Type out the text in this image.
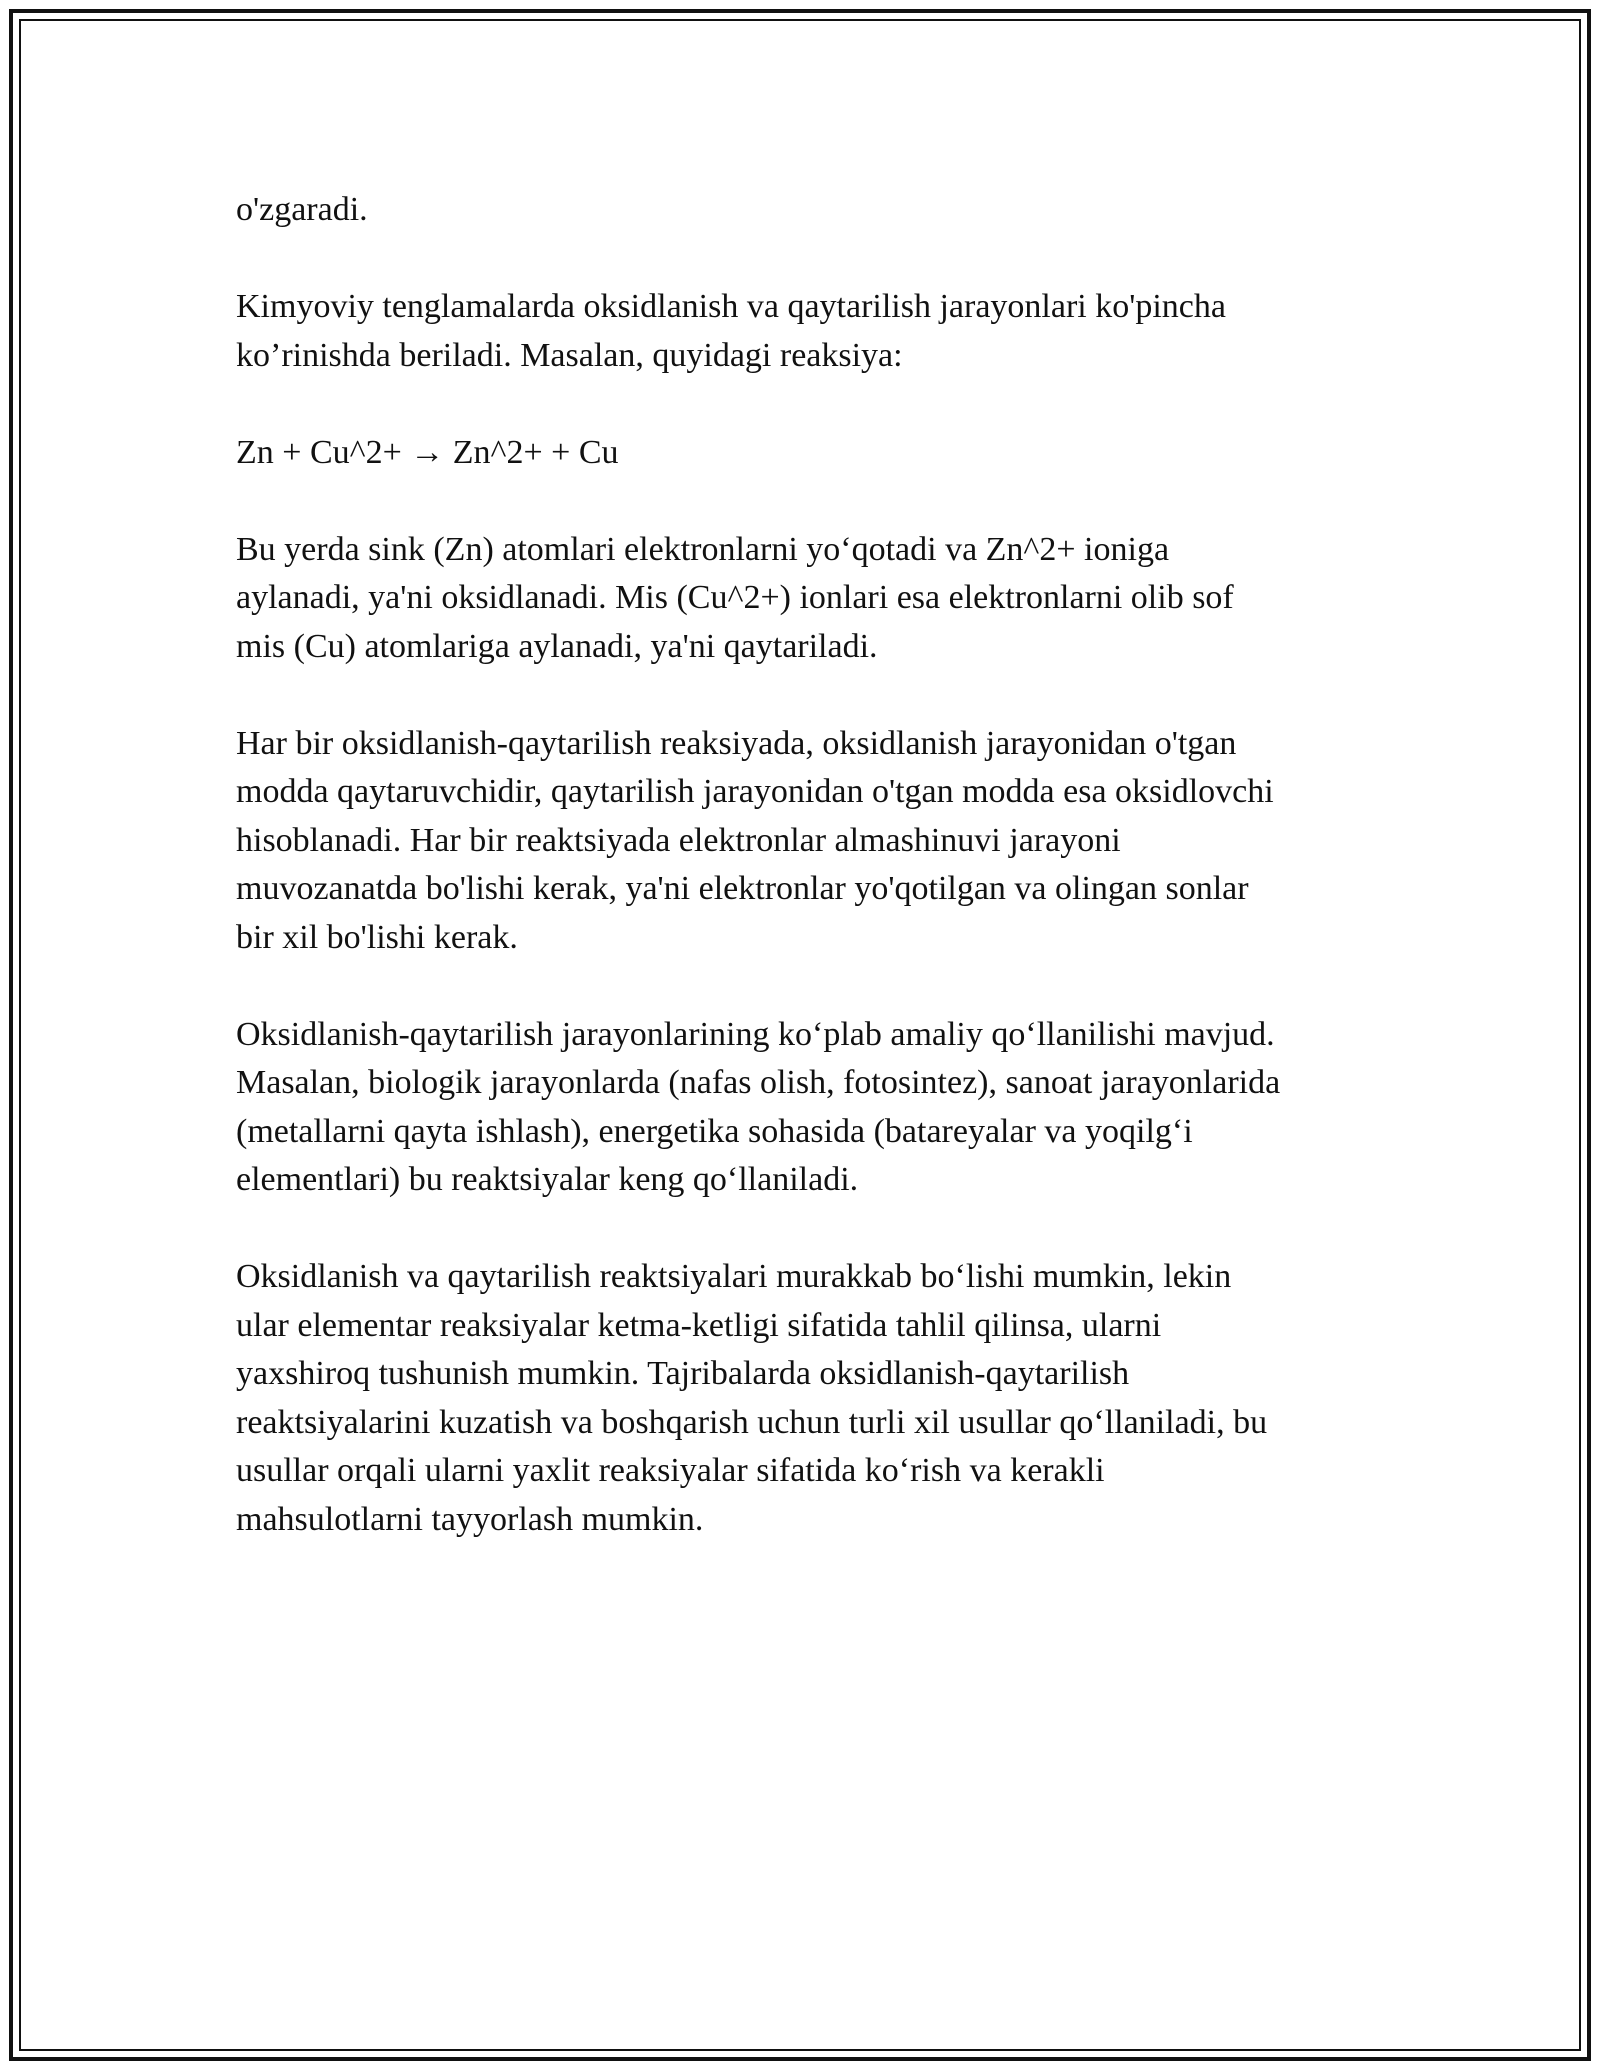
o'zgaradi.

Kimyoviy tenglamalarda oksidlanish va qaytarilish jarayonlari ko'pincha
ko’rinishda beriladi. Masalan, quyidagi reaksiya:

Zn + Cu^2+ → Zn^2+ + Cu

Bu yerda sink (Zn) atomlari elektronlarni yo‘qotadi va Zn^2+ ioniga
aylanadi, ya'ni oksidlanadi. Mis (Cu^2+) ionlari esa elektronlarni olib sof
mis (Cu) atomlariga aylanadi, ya'ni qaytariladi.

Har bir oksidlanish-qaytarilish reaksiyada, oksidlanish jarayonidan o'tgan
modda qaytaruvchidir, qaytarilish jarayonidan o'tgan modda esa oksidlovchi
hisoblanadi. Har bir reaktsiyada elektronlar almashinuvi jarayoni
muvozanatda bo'lishi kerak, ya'ni elektronlar yo'qotilgan va olingan sonlar
bir xil bo'lishi kerak.

Oksidlanish-qaytarilish jarayonlarining ko‘plab amaliy qo‘llanilishi mavjud.
Masalan, biologik jarayonlarda (nafas olish, fotosintez), sanoat jarayonlarida
(metallarni qayta ishlash), energetika sohasida (batareyalar va yoqilg‘i
elementlari) bu reaktsiyalar keng qo‘llaniladi.

Oksidlanish va qaytarilish reaktsiyalari murakkab bo‘lishi mumkin, lekin
ular elementar reaksiyalar ketma-ketligi sifatida tahlil qilinsa, ularni
yaxshiroq tushunish mumkin. Tajribalarda oksidlanish-qaytarilish
reaktsiyalarini kuzatish va boshqarish uchun turli xil usullar qo‘llaniladi, bu
usullar orqali ularni yaxlit reaksiyalar sifatida ko‘rish va kerakli
mahsulotlarni tayyorlash mumkin.
